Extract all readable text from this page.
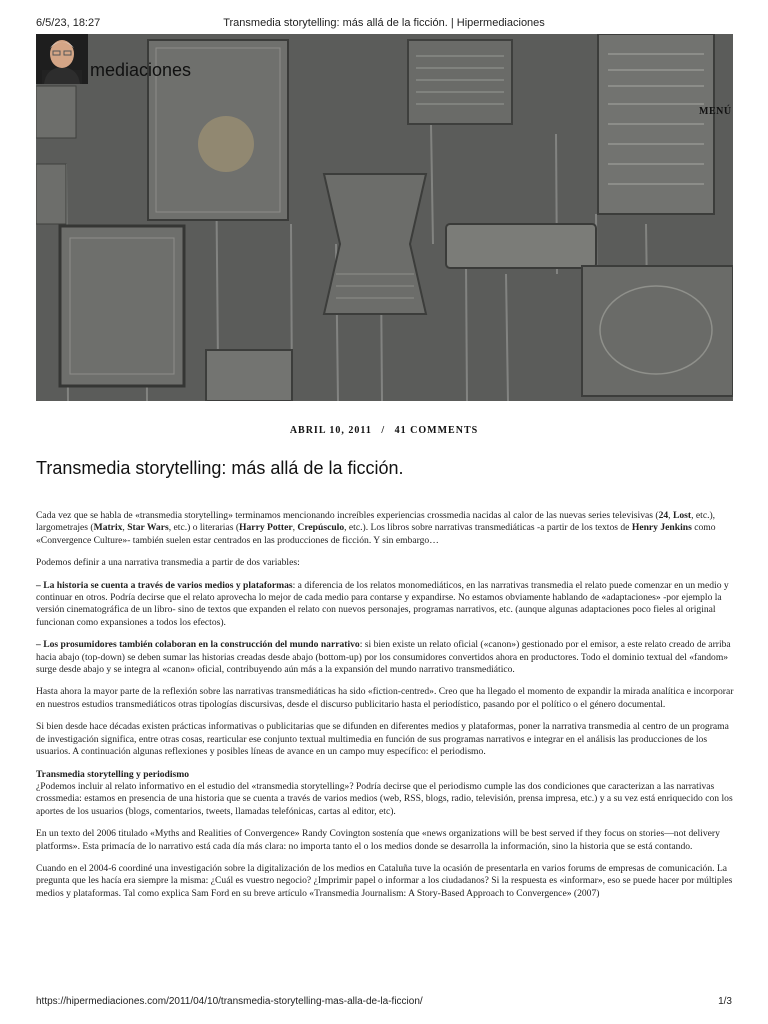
6/5/23, 18:27	Transmedia storytelling: más allá de la ficción. | Hipermediaciones
mediaciones
MENÚ
ABRIL 10, 2011 / 41 COMMENTS
Transmedia storytelling: más allá de la ficción.

Cada vez que se habla de «transmedia storytelling» terminamos mencionando increíbles experiencias crossmedia nacidas al calor de las nuevas series televisivas (24, Lost, etc.), largometrajes (Matrix, Star Wars, etc.) o literarias (Harry Potter, Crepúsculo, etc.). Los libros sobre narrativas transmediáticas -a partir de los textos de Henry Jenkins como «Convergence Culture»- también suelen estar centrados en las producciones de ficción. Y sin embargo…

Podemos definir a una narrativa transmedia a partir de dos variables:

– La historia se cuenta a través de varios medios y plataformas: a diferencia de los relatos monomediáticos, en las narrativas transmedia el relato puede comenzar en un medio y continuar en otros. Podría decirse que el relato aprovecha lo mejor de cada medio para contarse y expandirse. No estamos obviamente hablando de «adaptaciones» -por ejemplo la versión cinematográfica de un libro- sino de textos que expanden el relato con nuevos personajes, programas narrativos, etc. (aunque algunas adaptaciones poco fieles al original funcionan como expansiones a todos los efectos).

– Los prosumidores también colaboran en la construcción del mundo narrativo: si bien existe un relato oficial («canon») gestionado por el emisor, a este relato creado de arriba hacia abajo (top-down) se deben sumar las historias creadas desde abajo (bottom-up) por los consumidores convertidos ahora en productores. Todo el dominio textual del «fandom» surge desde abajo y se integra al «canon» oficial, contribuyendo aún más a la expansión del mundo narrativo transmediático.

Hasta ahora la mayor parte de la reflexión sobre las narrativas transmediáticas ha sido «fiction-centred». Creo que ha llegado el momento de expandir la mirada analítica e incorporar en nuestros estudios transmediáticos otras tipologías discursivas, desde el discurso publicitario hasta el periodístico, pasando por el político o el género documental.

Si bien desde hace décadas existen prácticas informativas o publicitarias que se difunden en diferentes medios y plataformas, poner la narrativa transmedia al centro de un programa de investigación significa, entre otras cosas, rearticular ese conjunto textual multimedia en función de sus programas narrativos e integrar en el análisis las producciones de los usuarios. A continuación algunas reflexiones y posibles líneas de avance en un campo muy específico: el periodismo.

Transmedia storytelling y periodismo

¿Podemos incluir al relato informativo en el estudio del «transmedia storytelling»? Podría decirse que el periodismo cumple las dos condiciones que caracterizan a las narrativas crossmedia: estamos en presencia de una historia que se cuenta a través de varios medios (web, RSS, blogs, radio, televisión, prensa impresa, etc.) y a su vez está enriquecido con los aportes de los usuarios (blogs, comentarios, tweets, llamadas telefónicas, cartas al editor, etc).

En un texto del 2006 titulado «Myths and Realities of Convergence» Randy Covington sostenía que «news organizations will be best served if they focus on stories—not delivery platforms». Esta primacía de lo narrativo está cada día más clara: no importa tanto el o los medios donde se desarrolla la información, sino la historia que se está contando.

Cuando en el 2004-6 coordiné una investigación sobre la digitalización de los medios en Cataluña tuve la ocasión de presentarla en varios forums de empresas de comunicación. La pregunta que les hacía era siempre la misma: ¿Cuál es vuestro negocio? ¿Imprimir papel o informar a los ciudadanos? Si la respuesta es «informar», eso se puede hacer por múltiples medios y plataformas. Tal como explica Sam Ford en su breve artículo «Transmedia Journalism: A Story-Based Approach to Convergence» (2007)

https://hipermediaciones.com/2011/04/10/transmedia-storytelling-mas-alla-de-la-ficcion/	1/3
